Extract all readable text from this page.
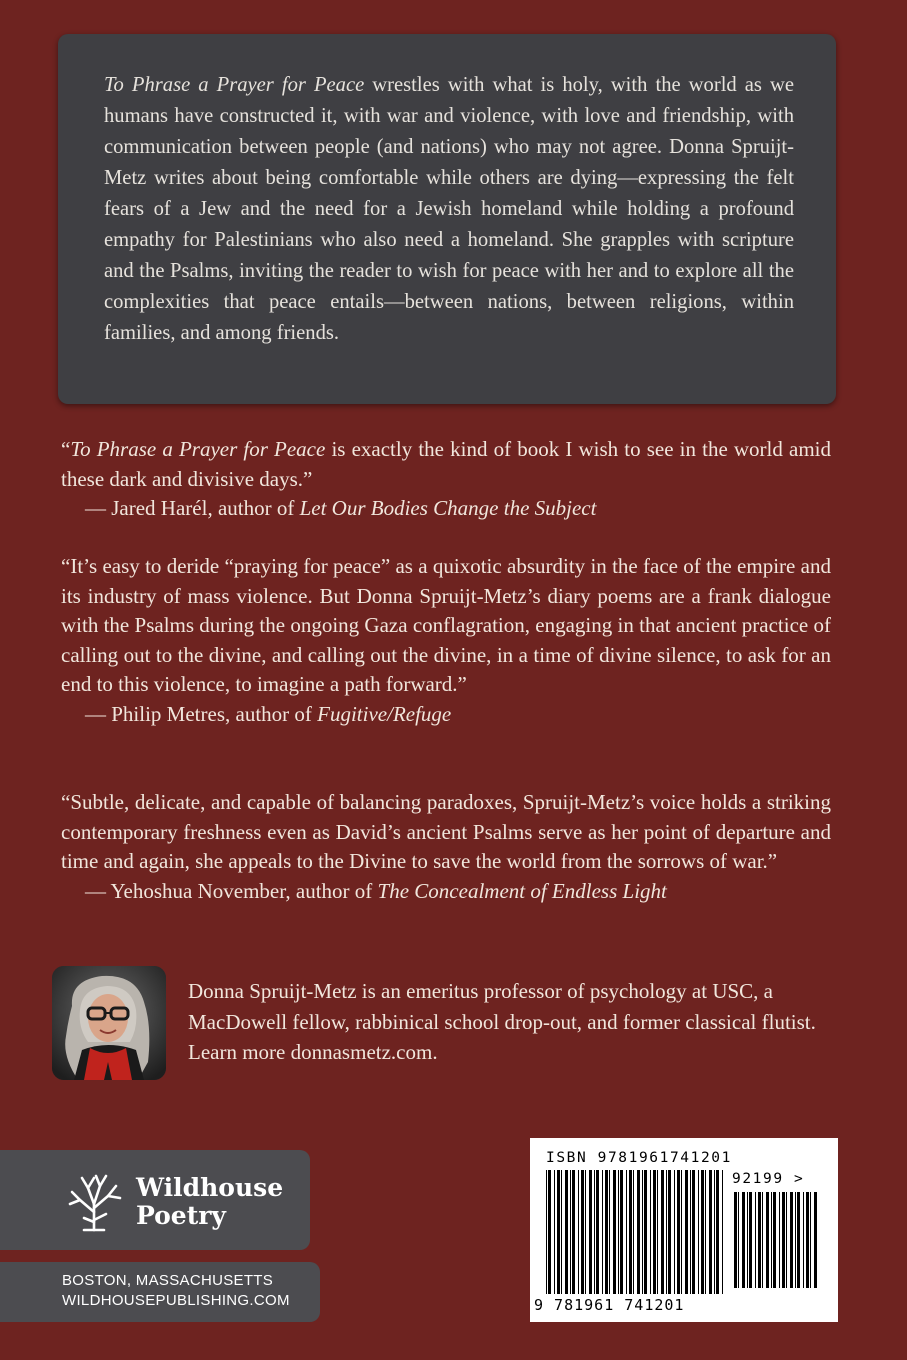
To Phrase a Prayer for Peace wrestles with what is holy, with the world as we humans have constructed it, with war and violence, with love and friendship, with communication between people (and nations) who may not agree. Donna Spruijt-Metz writes about being comfortable while others are dying—expressing the felt fears of a Jew and the need for a Jewish homeland while holding a profound empathy for Palestinians who also need a homeland. She grapples with scripture and the Psalms, inviting the reader to wish for peace with her and to explore all the complexities that peace entails—between nations, between religions, within families, and among friends.
“To Phrase a Prayer for Peace is exactly the kind of book I wish to see in the world amid these dark and divisive days.”
— Jared Harél, author of Let Our Bodies Change the Subject
“It’s easy to deride “praying for peace” as a quixotic absurdity in the face of the empire and its industry of mass violence. But Donna Spruijt-Metz’s diary poems are a frank dialogue with the Psalms during the ongoing Gaza conflagration, engaging in that ancient practice of calling out to the divine, and calling out the divine, in a time of divine silence, to ask for an end to this violence, to imagine a path forward.”
— Philip Metres, author of Fugitive/Refuge
“Subtle, delicate, and capable of balancing paradoxes, Spruijt-Metz’s voice holds a striking contemporary freshness even as David’s ancient Psalms serve as her point of departure and time and again, she appeals to the Divine to save the world from the sorrows of war.”
— Yehoshua November, author of The Concealment of Endless Light
Donna Spruijt-Metz is an emeritus professor of psychology at USC, a MacDowell fellow, rabbinical school drop-out, and former classical flutist. Learn more donnasmetz.com.
Wildhouse
Poetry
BOSTON, MASSACHUSETTS
WILDHOUSEPUBLISHING.COM
ISBN 9781961741201
92199 >
9 781961 741201
